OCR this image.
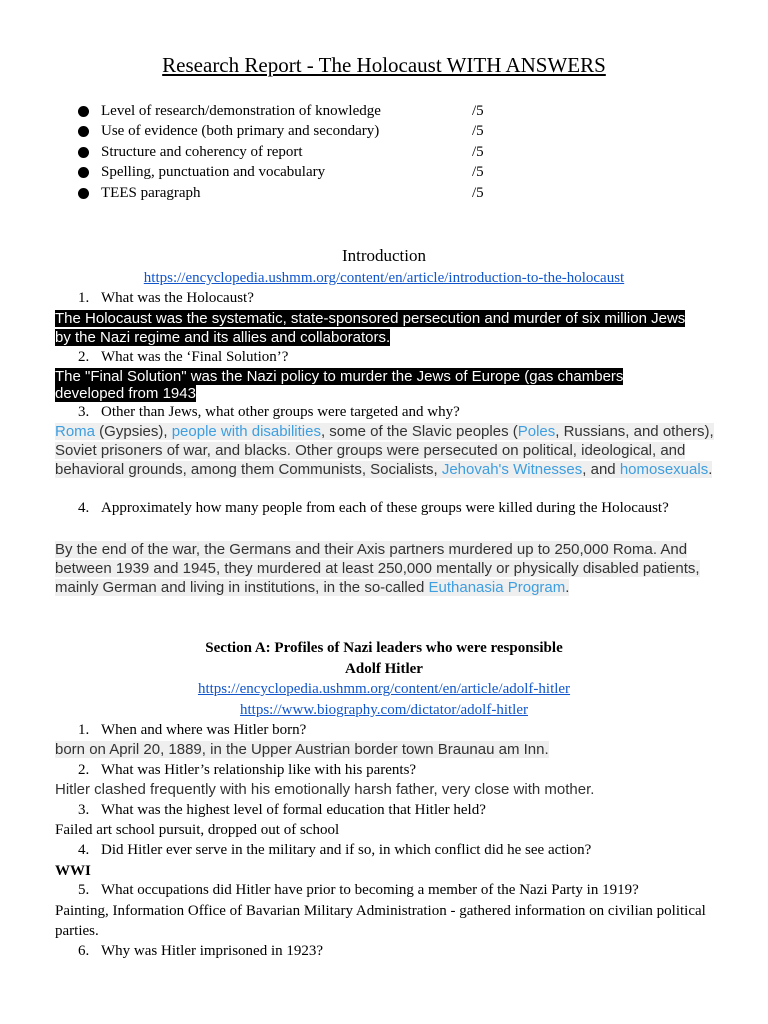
Research Report - The Holocaust WITH ANSWERS
Level of research/demonstration of knowledge	/5
Use of evidence (both primary and secondary)	/5
Structure and coherency of report	/5
Spelling, punctuation and vocabulary	/5
TEES paragraph	/5
Introduction
https://encyclopedia.ushmm.org/content/en/article/introduction-to-the-holocaust
1. What was the Holocaust?
The Holocaust was the systematic, state-sponsored persecution and murder of six million Jews
by the Nazi regime and its allies and collaborators.
2. What was the ‘Final Solution’?
The "Final Solution" was the Nazi policy to murder the Jews of Europe (gas chambers
developed from 1943
3. Other than Jews, what other groups were targeted and why?
Roma (Gypsies), people with disabilities, some of the Slavic peoples (Poles, Russians, and others), Soviet prisoners of war, and blacks. Other groups were persecuted on political, ideological, and behavioral grounds, among them Communists, Socialists, Jehovah's Witnesses, and homosexuals.
4. Approximately how many people from each of these groups were killed during the Holocaust?
By the end of the war, the Germans and their Axis partners murdered up to 250,000 Roma. And between 1939 and 1945, they murdered at least 250,000 mentally or physically disabled patients, mainly German and living in institutions, in the so-called Euthanasia Program.
Section A: Profiles of Nazi leaders who were responsible
Adolf Hitler
https://encyclopedia.ushmm.org/content/en/article/adolf-hitler
https://www.biography.com/dictator/adolf-hitler
1. When and where was Hitler born?
born on April 20, 1889, in the Upper Austrian border town Braunau am Inn.
2. What was Hitler’s relationship like with his parents?
Hitler clashed frequently with his emotionally harsh father, very close with mother.
3. What was the highest level of formal education that Hitler held?
Failed art school pursuit, dropped out of school
4. Did Hitler ever serve in the military and if so, in which conflict did he see action?
WWI
5. What occupations did Hitler have prior to becoming a member of the Nazi Party in 1919?
Painting, Information Office of Bavarian Military Administration - gathered information on civilian political parties.
6. Why was Hitler imprisoned in 1923?
